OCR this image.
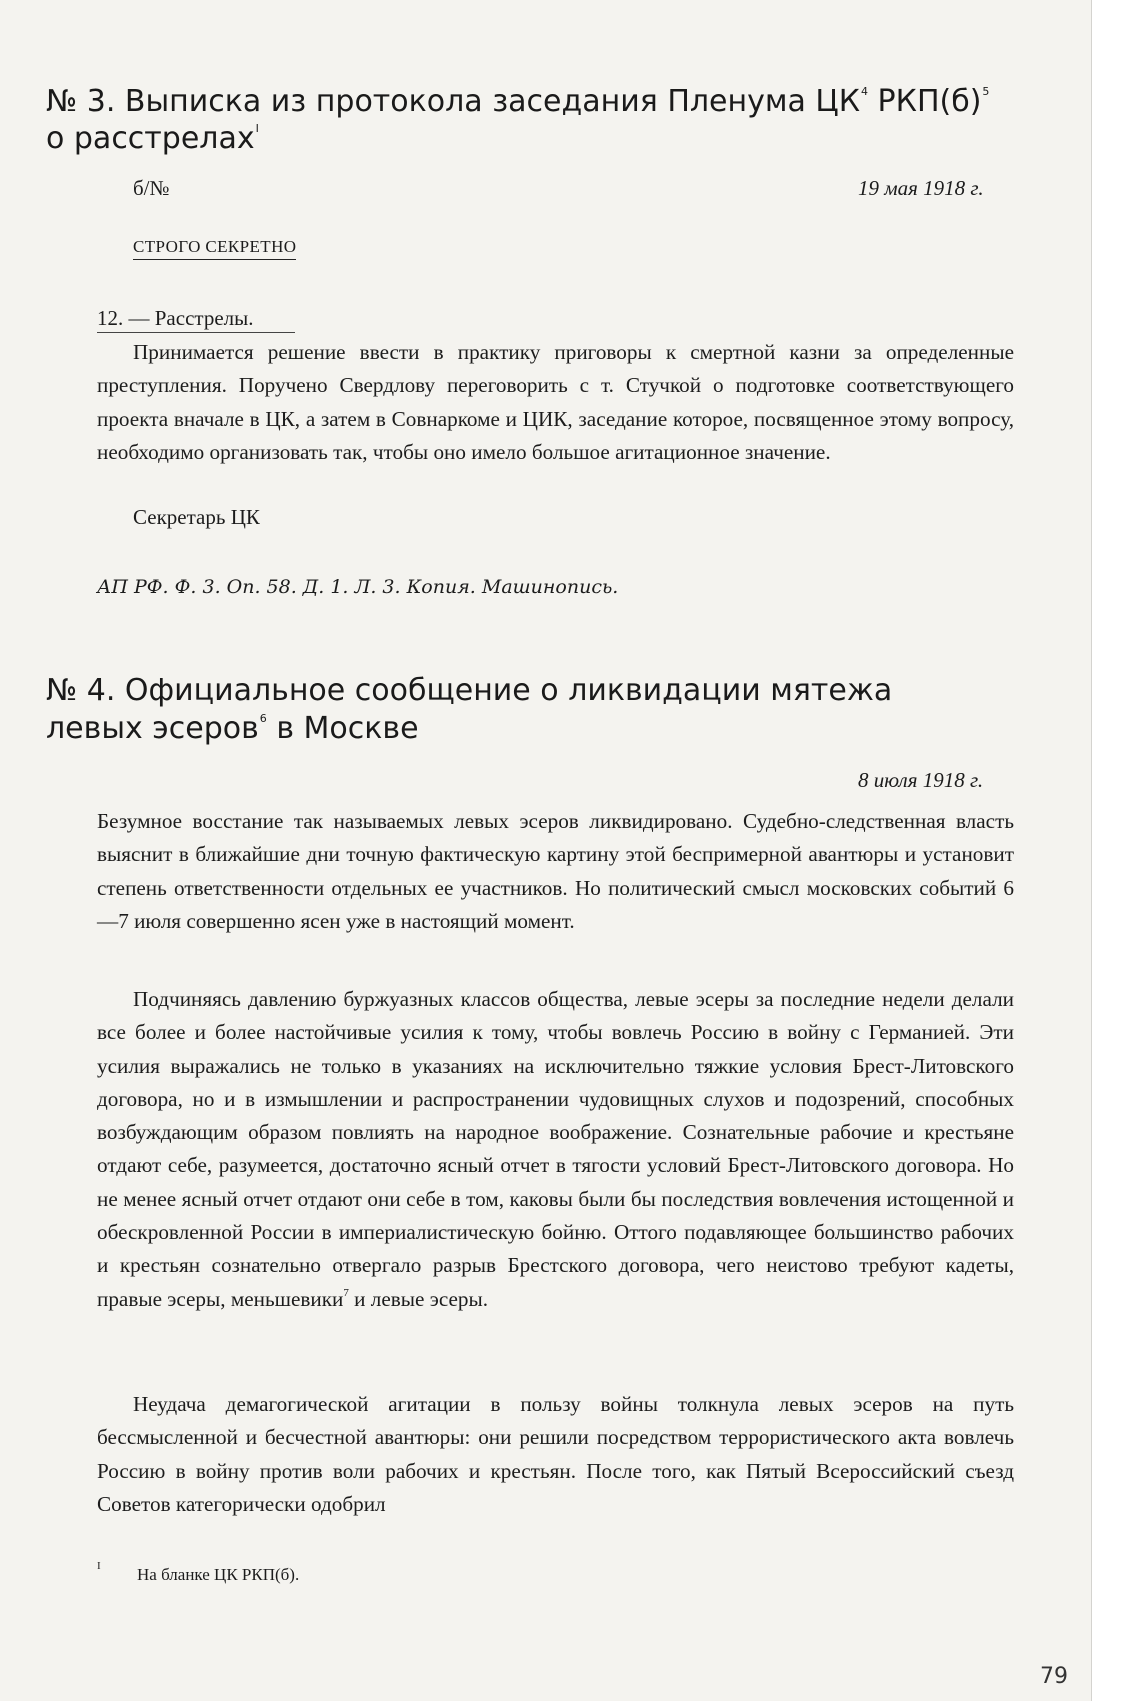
№ 3. Выписка из протокола заседания Пленума $ЦК^4$ $РКП(б)^5$
о расстрелах$^I$
б/№	19 мая 1918 г.
СТРОГО СЕКРЕТНО
12. — Расстрелы.

Принимается решение ввести в практику приговоры к смертной казни за определенные преступления. Поручено Свердлову переговорить с т. Стучкой о подготовке соответствующего проекта вначале в ЦК, а затем в Совнаркоме и ЦИК, заседание которое, посвященное этому вопросу, необходимо организовать так, чтобы оно имело большое агитационное значение.

Секретарь ЦК
АП РФ. Ф. 3. Оп. 58. Д. 1. Л. 3. Копия. Машинопись.
№ 4. Официальное сообщение о ликвидации мятежа
левых эсеров$^6$ в Москве
8 июля 1918 г.

Безумное восстание так называемых левых эсеров ликвидировано. Судебно-следственная власть выяснит в ближайшие дни точную фактическую картину этой беспримерной авантюры и установит степень ответственности отдельных ее участников. Но политический смысл московских событий 6—7 июля совершенно ясен уже в настоящий момент.

Подчиняясь давлению буржуазных классов общества, левые эсеры за последние недели делали все более и более настойчивые усилия к тому, чтобы вовлечь Россию в войну с Германией. Эти усилия выражались не только в указаниях на исключительно тяжкие условия Брест-Литовского договора, но и в измышлении и распространении чудовищных слухов и подозрений, способных возбуждающим образом повлиять на народное воображение. Сознательные рабочие и крестьяне отдают себе, разумеется, достаточно ясный отчет в тягости условий Брест-Литовского договора. Но не менее ясный отчет отдают они себе в том, каковы были бы последствия вовлечения истощенной и обескровленной России в империалистическую бойню. Оттого подавляющее большинство рабочих и крестьян сознательно отвергало разрыв Брестского договора, чего неистово требуют кадеты, правые эсеры, меньшевики$^7$ и левые эсеры.

Неудача демагогической агитации в пользу войны толкнула левых эсеров на путь бессмысленной и бесчестной авантюры: они решили посредством террористического акта вовлечь Россию в войну против воли рабочих и крестьян. После того, как Пятый Всероссийский съезд Советов категорически одобрил

I На бланке ЦК РКП(б).
79
